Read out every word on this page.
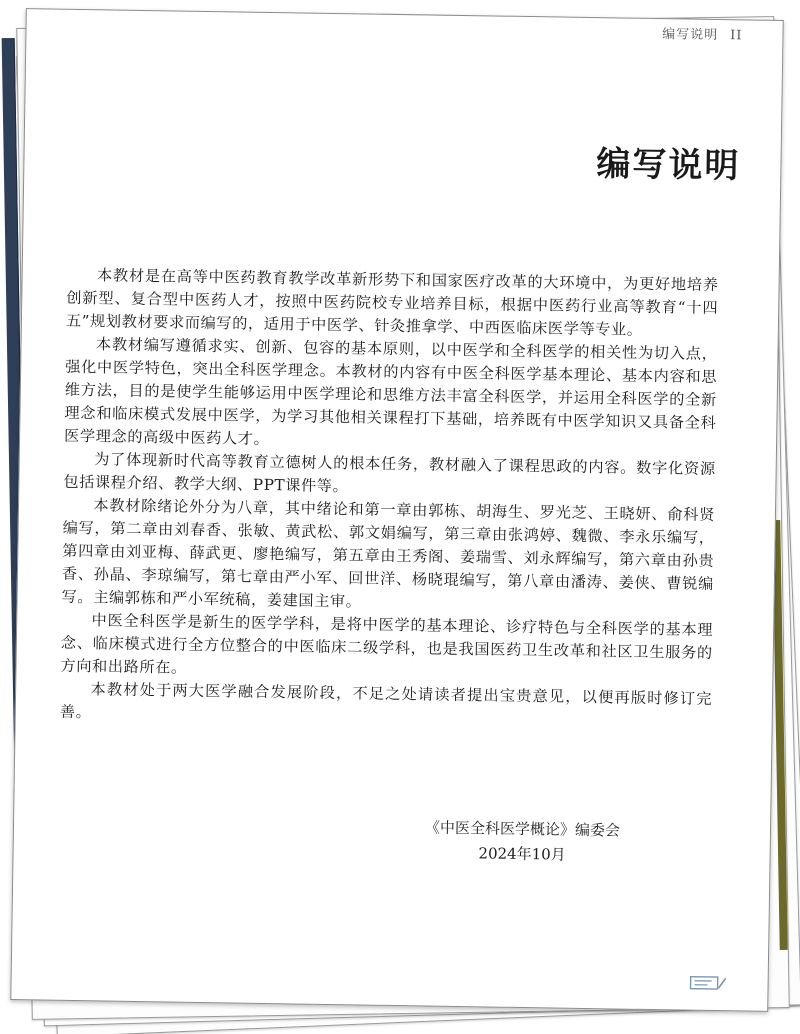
编写说明 II
编写说明

本教材是在高等中医药教育教学改革新形势下和国家医疗改革的大环境中，为更好地培养创新型、复合型中医药人才，按照中医药院校专业培养目标，根据中医药行业高等教育“十四五”规划教材要求而编写的，适用于中医学、针灸推拿学、中西医临床医学等专业。

本教材编写遵循求实、创新、包容的基本原则，以中医学和全科医学的相关性为切入点，强化中医学特色，突出全科医学理念。本教材的内容有中医全科医学基本理论、基本内容和思维方法，目的是使学生能够运用中医学理论和思维方法丰富全科医学，并运用全科医学的全新理念和临床模式发展中医学，为学习其他相关课程打下基础，培养既有中医学知识又具备全科医学理念的高级中医药人才。

为了体现新时代高等教育立德树人的根本任务，教材融入了课程思政的内容。数字化资源包括课程介绍、教学大纲、PPT课件等。

本教材除绪论外分为八章，其中绪论和第一章由郭栋、胡海生、罗光芝、王晓妍、俞科贤编写，第二章由刘春香、张敏、黄武松、郭文娟编写，第三章由张鸿婷、魏微、李永乐编写，第四章由刘亚梅、薛武更、廖艳编写，第五章由王秀阁、姜瑞雪、刘永辉编写，第六章由孙贵香、孙晶、李琼编写，第七章由严小军、回世洋、杨晓琨编写，第八章由潘涛、姜侠、曹锐编写。主编郭栋和严小军统稿，姜建国主审。

中医全科医学是新生的医学学科，是将中医学的基本理论、诊疗特色与全科医学的基本理念、临床模式进行全方位整合的中医临床二级学科，也是我国医药卫生改革和社区卫生服务的方向和出路所在。

本教材处于两大医学融合发展阶段，不足之处请读者提出宝贵意见，以便再版时修订完善。

《中医全科医学概论》编委会
2024年10月
